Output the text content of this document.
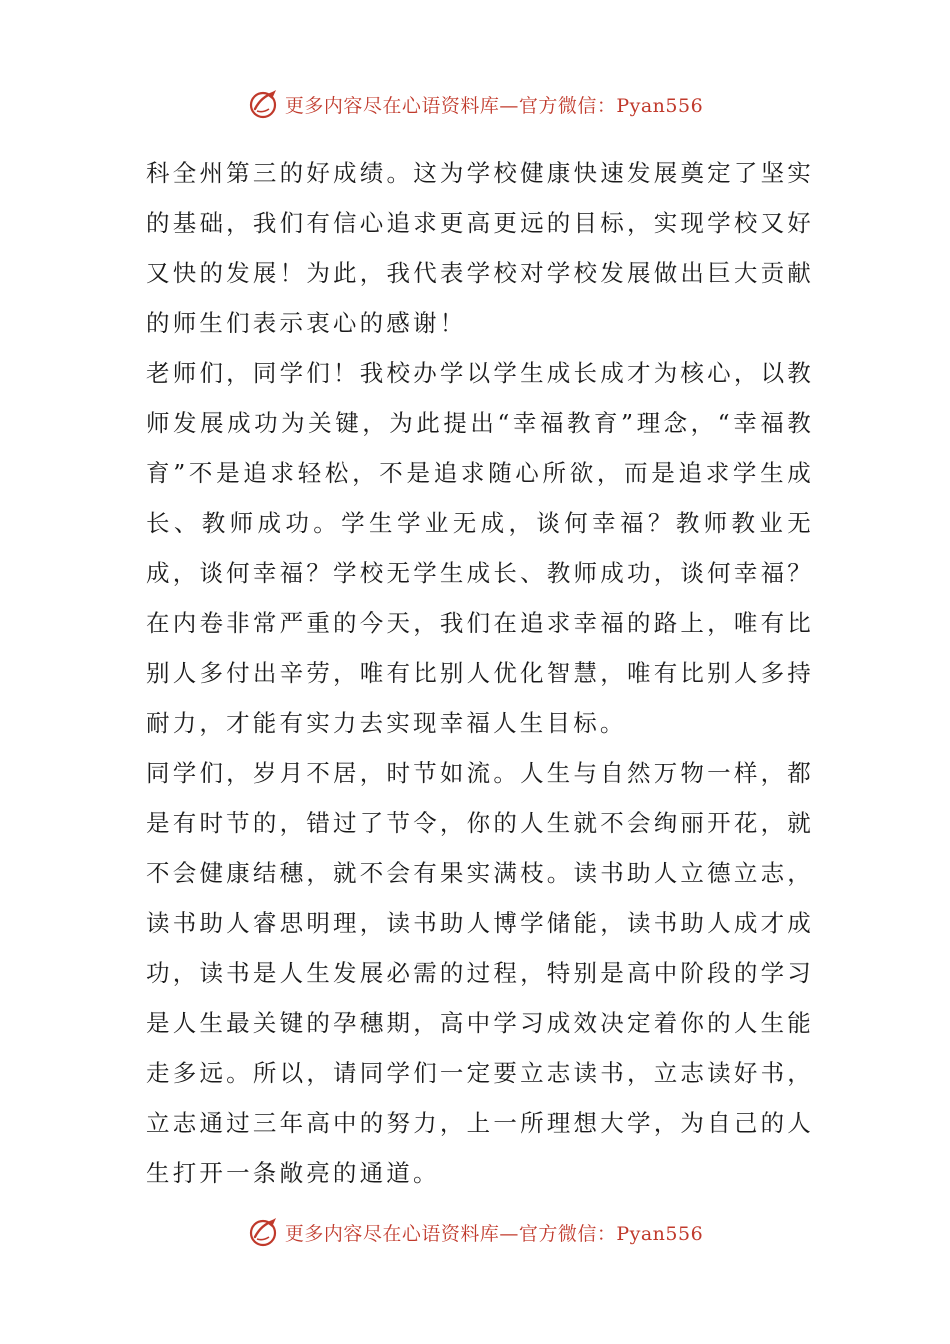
更多内容尽在心语资料库—官方微信：Pyan556

科全州第三的好成绩。这为学校健康快速发展奠定了坚实的基础，我们有信心追求更高更远的目标，实现学校又好又快的发展！为此，我代表学校对学校发展做出巨大贡献的师生们表示衷心的感谢！

老师们，同学们！我校办学以学生成长成才为核心，以教师发展成功为关键，为此提出“幸福教育”理念，“幸福教育”不是追求轻松，不是追求随心所欲，而是追求学生成长、教师成功。学生学业无成，谈何幸福？教师教业无成，谈何幸福？学校无学生成长、教师成功，谈何幸福？在内卷非常严重的今天，我们在追求幸福的路上，唯有比别人多付出辛劳，唯有比别人优化智慧，唯有比别人多持耐力，才能有实力去实现幸福人生目标。

同学们，岁月不居，时节如流。人生与自然万物一样，都是有时节的，错过了节令，你的人生就不会绚丽开花，就不会健康结穗，就不会有果实满枝。读书助人立德立志，读书助人睿思明理，读书助人博学储能，读书助人成才成功，读书是人生发展必需的过程，特别是高中阶段的学习是人生最关键的孕穗期，高中学习成效决定着你的人生能走多远。所以，请同学们一定要立志读书，立志读好书，立志通过三年高中的努力，上一所理想大学，为自己的人生打开一条敞亮的通道。

更多内容尽在心语资料库—官方微信：Pyan556
